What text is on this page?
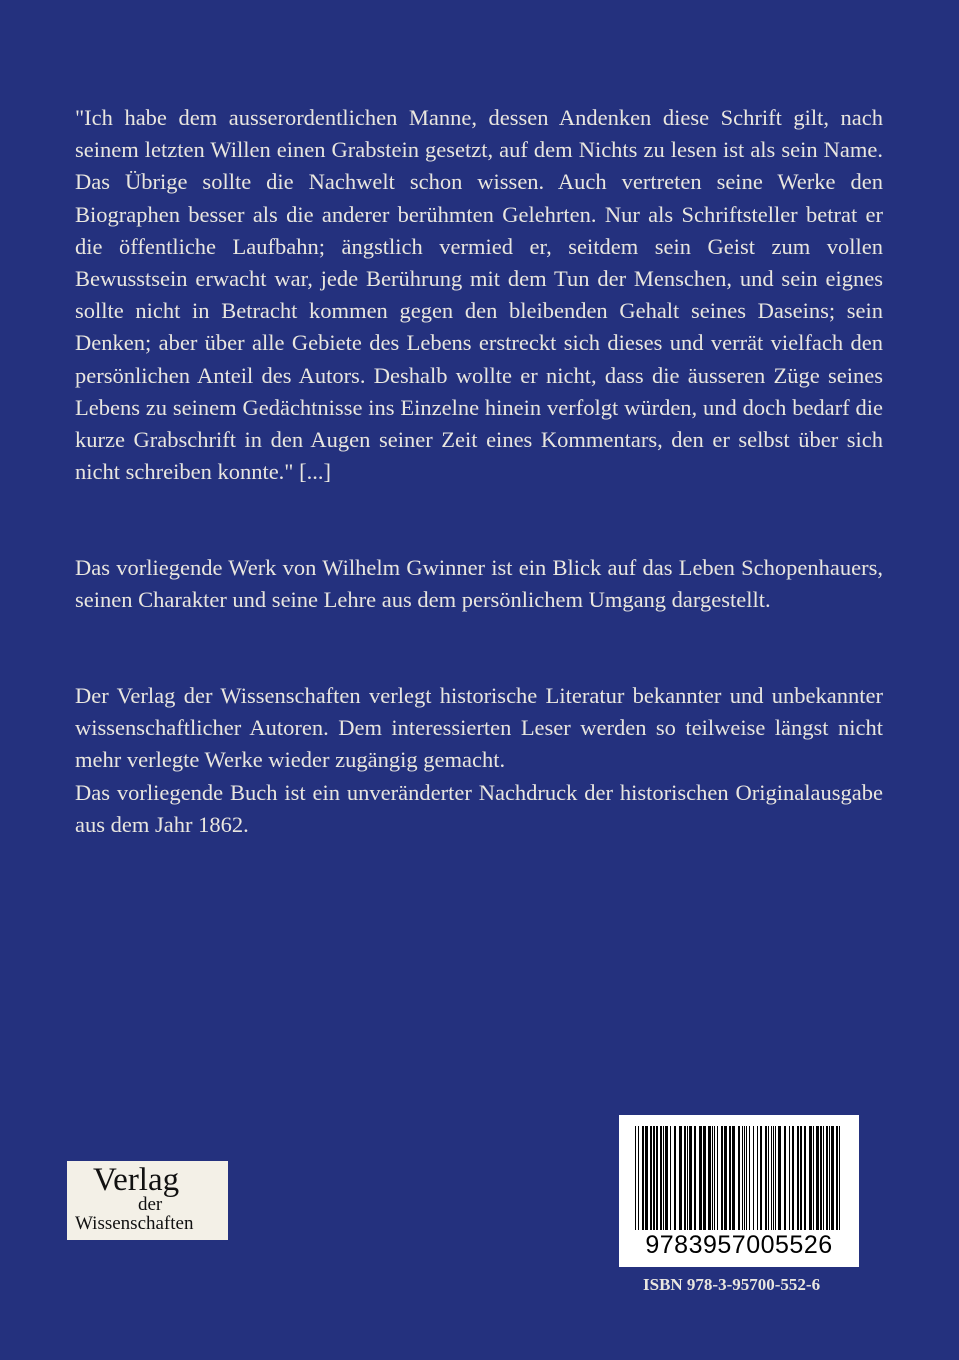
"Ich habe dem ausserordentlichen Manne, dessen Andenken diese Schrift gilt, nach seinem letzten Willen einen Grabstein gesetzt, auf dem Nichts zu lesen ist als sein Name. Das Übrige sollte die Nachwelt schon wissen. Auch vertreten seine Werke den Biographen besser als die anderer berühmten Gelehrten. Nur als Schriftsteller betrat er die öffentliche Laufbahn; ängstlich vermied er, seitdem sein Geist zum vollen Bewusstsein erwacht war, jede Berührung mit dem Tun der Menschen, und sein eignes sollte nicht in Betracht kommen gegen den bleibenden Gehalt seines Daseins; sein Denken; aber über alle Gebiete des Lebens erstreckt sich dieses und verrät vielfach den persönlichen Anteil des Autors. Deshalb wollte er nicht, dass die äusseren Züge seines Lebens zu seinem Gedächtnisse ins Einzelne hinein verfolgt würden, und doch bedarf die kurze Grabschrift in den Augen seiner Zeit eines Kommentars, den er selbst über sich nicht schreiben konnte." [...]

Das vorliegende Werk von Wilhelm Gwinner ist ein Blick auf das Leben Schopenhauers, seinen Charakter und seine Lehre aus dem persönlichem Umgang dargestellt.

Der Verlag der Wissenschaften verlegt historische Literatur bekannter und unbekannter wissenschaftlicher Autoren. Dem interessierten Leser werden so teilweise längst nicht mehr verlegte Werke wieder zugängig gemacht.

Das vorliegende Buch ist ein unveränderter Nachdruck der historischen Originalausgabe aus dem Jahr 1862.

Verlag
der
Wissenschaften
9783957005526
ISBN 978-3-95700-552-6
